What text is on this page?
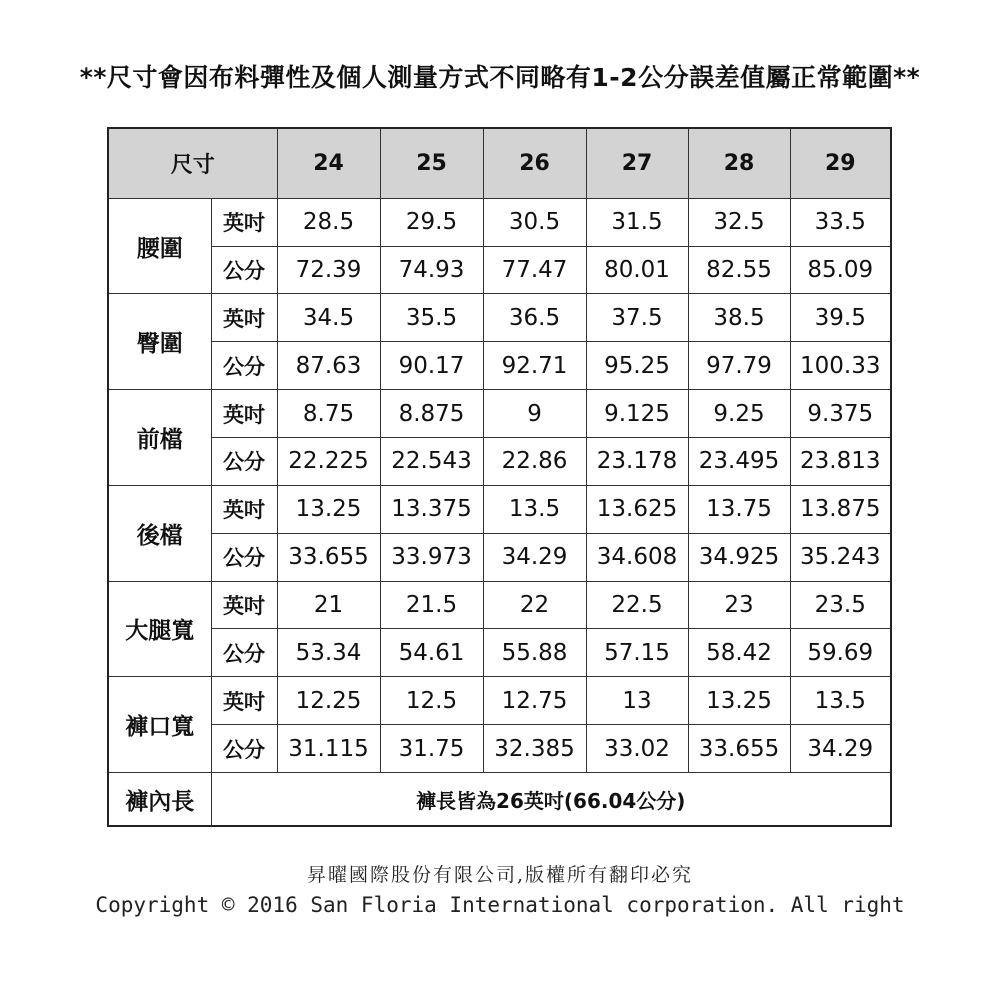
**尺寸會因布料彈性及個人測量方式不同略有1-2公分誤差值屬正常範圍**
尺寸		24	25	26	27	28	29
腰圍	英吋	28.5	29.5	30.5	31.5	32.5	33.5
	公分	72.39	74.93	77.47	80.01	82.55	85.09
臀圍	英吋	34.5	35.5	36.5	37.5	38.5	39.5
	公分	87.63	90.17	92.71	95.25	97.79	100.33
前檔	英吋	8.75	8.875	9	9.125	9.25	9.375
	公分	22.225	22.543	22.86	23.178	23.495	23.813
後檔	英吋	13.25	13.375	13.5	13.625	13.75	13.875
	公分	33.655	33.973	34.29	34.608	34.925	35.243
大腿寬	英吋	21	21.5	22	22.5	23	23.5
	公分	53.34	54.61	55.88	57.15	58.42	59.69
褲口寬	英吋	12.25	12.5	12.75	13	13.25	13.5
	公分	31.115	31.75	32.385	33.02	33.655	34.29
褲內長	褲長皆為26英吋(66.04公分)						
昇曜國際股份有限公司,版權所有翻印必究
Copyright © 2016 San Floria International corporation. All right
